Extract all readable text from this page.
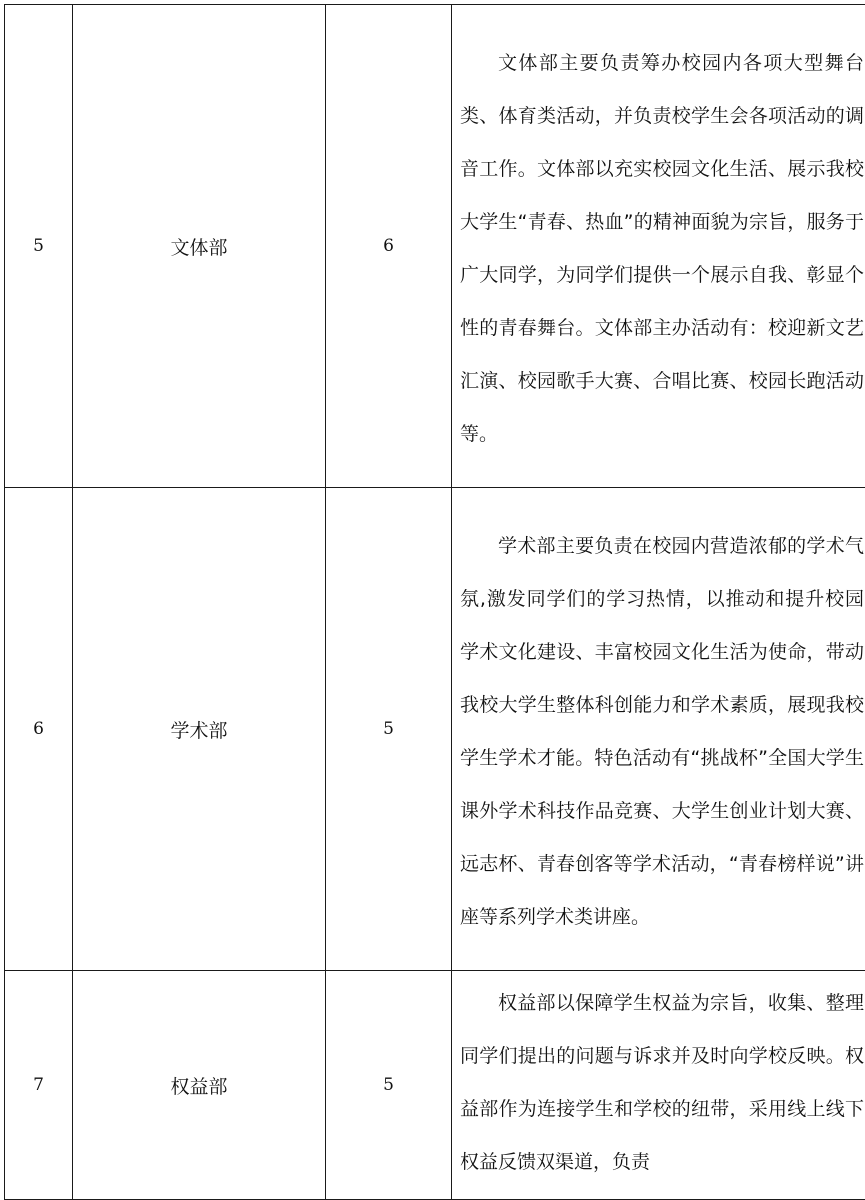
5	文体部	6	文体部主要负责筹办校园内各项大型舞台类、体育类活动，并负责校学生会各项活动的调音工作。文体部以充实校园文化生活、展示我校大学生“青春、热血”的精神面貌为宗旨，服务于广大同学，为同学们提供一个展示自我、彰显个性的青春舞台。文体部主办活动有：校迎新文艺汇演、校园歌手大赛、合唱比赛、校园长跑活动等。

6	学术部	5	学术部主要负责在校园内营造浓郁的学术气氛,激发同学们的学习热情，以推动和提升校园学术文化建设、丰富校园文化生活为使命，带动我校大学生整体科创能力和学术素质，展现我校学生学术才能。特色活动有“挑战杯”全国大学生课外学术科技作品竞赛、大学生创业计划大赛、远志杯、青春创客等学术活动，“青春榜样说”讲座等系列学术类讲座。

7	权益部	5	权益部以保障学生权益为宗旨，收集、整理同学们提出的问题与诉求并及时向学校反映。权益部作为连接学生和学校的纽带，采用线上线下权益反馈双渠道，负责
